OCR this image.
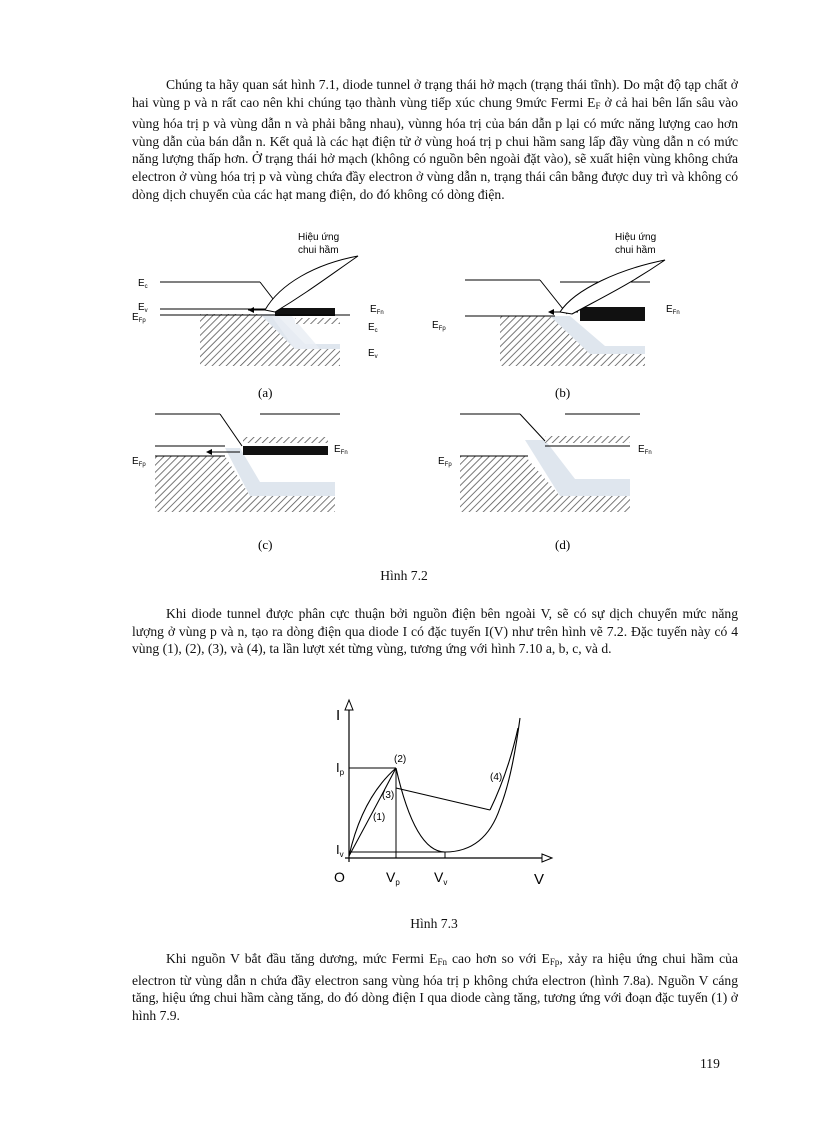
Chúng ta hãy quan sát hình 7.1, diode tunnel ở trạng thái hở mạch (trạng thái tĩnh). Do mật độ tạp chất ở hai vùng p và n rất cao nên khi chúng tạo thành vùng tiếp xúc chung 9mức Fermi $E_F$ ở cả hai bên lấn sâu vào vùng hóa trị p và vùng dẫn n và phải bằng nhau), vùnng hóa trị của bán dẫn p lại có mức năng lượng cao hơn vùng dẫn của bán dẫn n. Kết quả là các hạt điện tử ở vùng hoá trị p chui hầm sang lấp đầy vùng dẫn n có mức năng lượng thấp hơn. Ở trạng thái hở mạch (không có nguồn bên ngoài đặt vào), sẽ xuất hiện vùng không chứa electron ở vùng hóa trị p và vùng chứa đầy electron ở vùng dẫn n, trạng thái cân bằng được duy trì và không có dòng dịch chuyển của các hạt mang điện, do đó không có dòng điện.

$E_c$
$E_v$
$E_{Fp}$
$E_{Fn}$
$E_c$
$E_v$
Hiệu ứng
chui hầm
(a)
Hiệu ứng
chui hầm
$E_{Fn}$
$E_{Fp}$
(b)
$E_{Fn}$
$E_{Fp}$
(c)
$E_{Fn}$
$E_{Fp}$
(d)
Hình 7.2

Khi diode tunnel được phân cực thuận bởi nguồn điện bên ngoài V, sẽ có sự dịch chuyển mức năng lượng ở vùng p và n, tạo ra dòng điện qua diode I có đặc tuyến I(V) như trên hình vẽ 7.2. Đặc tuyến này có 4 vùng (1), (2), (3), và (4), ta lần lượt xét từng vùng, tương ứng với hình 7.10 a, b, c, và d.

I
$I_p$
$I_v$
O	$V_p$ $V_v$	V
(1)
(2)
(3)
(4)
Hình 7.3

Khi nguồn V bắt đầu tăng dương, mức Fermi $E_{Fn}$ cao hơn so với $E_{Fp}$, xảy ra hiệu ứng chui hầm của electron từ vùng dẫn n chứa đầy electron sang vùng hóa trị p không chứa electron (hình 7.8a). Nguồn V cáng tăng, hiệu ứng chui hầm càng tăng, do đó dòng điện I qua diode càng tăng, tương ứng với đoạn đặc tuyến (1) ở hình 7.9.

119
